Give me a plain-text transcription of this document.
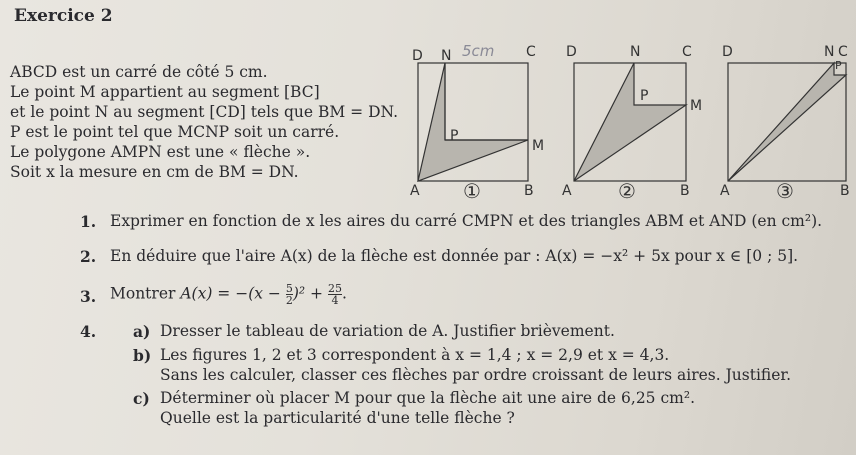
Exercice 2
ABCD est un carré de côté 5 cm.
Le point M appartient au segment [BC]
et le point N au segment [CD] tels que BM = DN.
P est le point tel que MCNP soit un carré.
Le polygone AMPN est une « flèche ».
Soit x la mesure en cm de BM = DN.
D N 5cm C
P
M
A ①	B
D	N	C
P
M
A ②	B
D	N C
P
A ③	B
1. Exprimer en fonction de x les aires du carré CMPN et des triangles ABM et AND (en cm²).
2. En déduire que l'aire A(x) de la flèche est donnée par : A(x) = −x² + 5x pour x ∈ [0 ; 5].
3. Montrer $A(x) = -(x - \frac{5}{2} )^2 + \frac{25}{4}$ .
4. a) Dresser le tableau de variation de A. Justifier brièvement.
b) Les figures 1, 2 et 3 correspondent à x = 1,4 ; x = 2,9 et x = 4,3.
Sans les calculer, classer ces flèches par ordre croissant de leurs aires. Justifier.
c) Déterminer où placer M pour que la flèche ait une aire de 6,25 cm².
Quelle est la particularité d'une telle flèche ?
